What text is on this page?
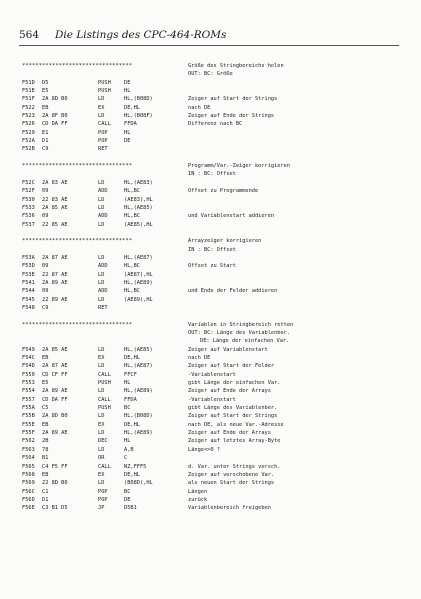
564 Die Listings des CPC-464-ROMs
*********************************	Größe des Stringbereichs holen
OUT: BC: Größe
F51D D5	PUSH DE
F51E E5	PUSH HL
F51F 2A 8D B0	LD	HL,(B08D)	Zeiger auf Start der Strings
F522 EB	EX	DE,HL	nach DE
F523 2A 8F B0	LD	HL,(B08F)	Zeiger auf Ende der Strings
F526 CD DA FF	CALL FFDA	Differenz nach BC
F529 E1	POP	HL
F52A D1	POP	DE
F52B C9	RET
*********************************	Programm/Var.-Zeiger korrigieren
IN : BC: Offset
F52C 2A 83 AE	LD	HL,(AE83)
F52F 09	ADD	HL,BC	Offset zu Programmende
F530 22 83 AE	LD	(AE83),HL
F533 2A 85 AE	LD	HL,(AE85)
F536 09	ADD	HL,BC	und Variablenstart addieren
F537 22 85 AE	LD	(AE85),HL
*********************************	Arrayzeiger korrigieren
IN : BC: Offset
F53A 2A 87 AE	LD	HL,(AE87)
F53D 09	ADD	HL,BC	Offset zu Start
F53E 22 87 AE	LD	(AE87),HL
F541 2A 89 AE	LD	HL,(AE89)
F544 09	ADD	HL,BC	und Ende der Felder addieren
F545 22 89 AE	LD	(AE89),HL
F548 C9	RET
*********************************	Variablen in Stringbereich retten
OUT: BC: Länge des Variablenber.
DE: Länge der einfachen Var.
F549 2A 85 AE	LD	HL,(AE85)	Zeiger auf Variablenstart
F54C EB	EX	DE,HL	nach DE
F54D 2A 87 AE	LD	HL,(AE87)	Zeiger auf Start der Felder
F550 CD CF FF	CALL FFCF	-Variablenstart
F553 E5	PUSH HL	gibt Länge der einfachen Var.
F554 2A 89 AE	LD	HL,(AE89)	Zeiger auf Ende der Arrays
F557 CD DA FF	CALL FFDA	-Variablenstart
F55A C5	PUSH BC	gibt Länge des Variablenber.
F55B 2A 8D B0	LD	HL,(B08D)	Zeiger auf Start der Strings
F55E EB	EX	DE,HL	nach DE, als neue Var.-Adresse
F55F 2A 89 AE	LD	HL,(AE89)	Zeiger auf Ende der Arrays
F562 2B	DEC	HL	Zeiger auf letztes Array-Byte
F563 78	LD	A,B	Länge<>0 ?
F564 B1	OR	C
F565 C4 F5 FF	CALL NZ,FFF5	d. Var. unter Strings versch.
F568 EB	EX	DE,HL	Zeiger auf verschobene Var.
F569 22 8D B0	LD	(B08D),HL	als neuen Start der Strings
F56C C1	POP	BC	Längen
F56D D1	POP	DE	zurück
F56E C3 B1 D5	JP	D5B1	Variablenbereich freigeben
